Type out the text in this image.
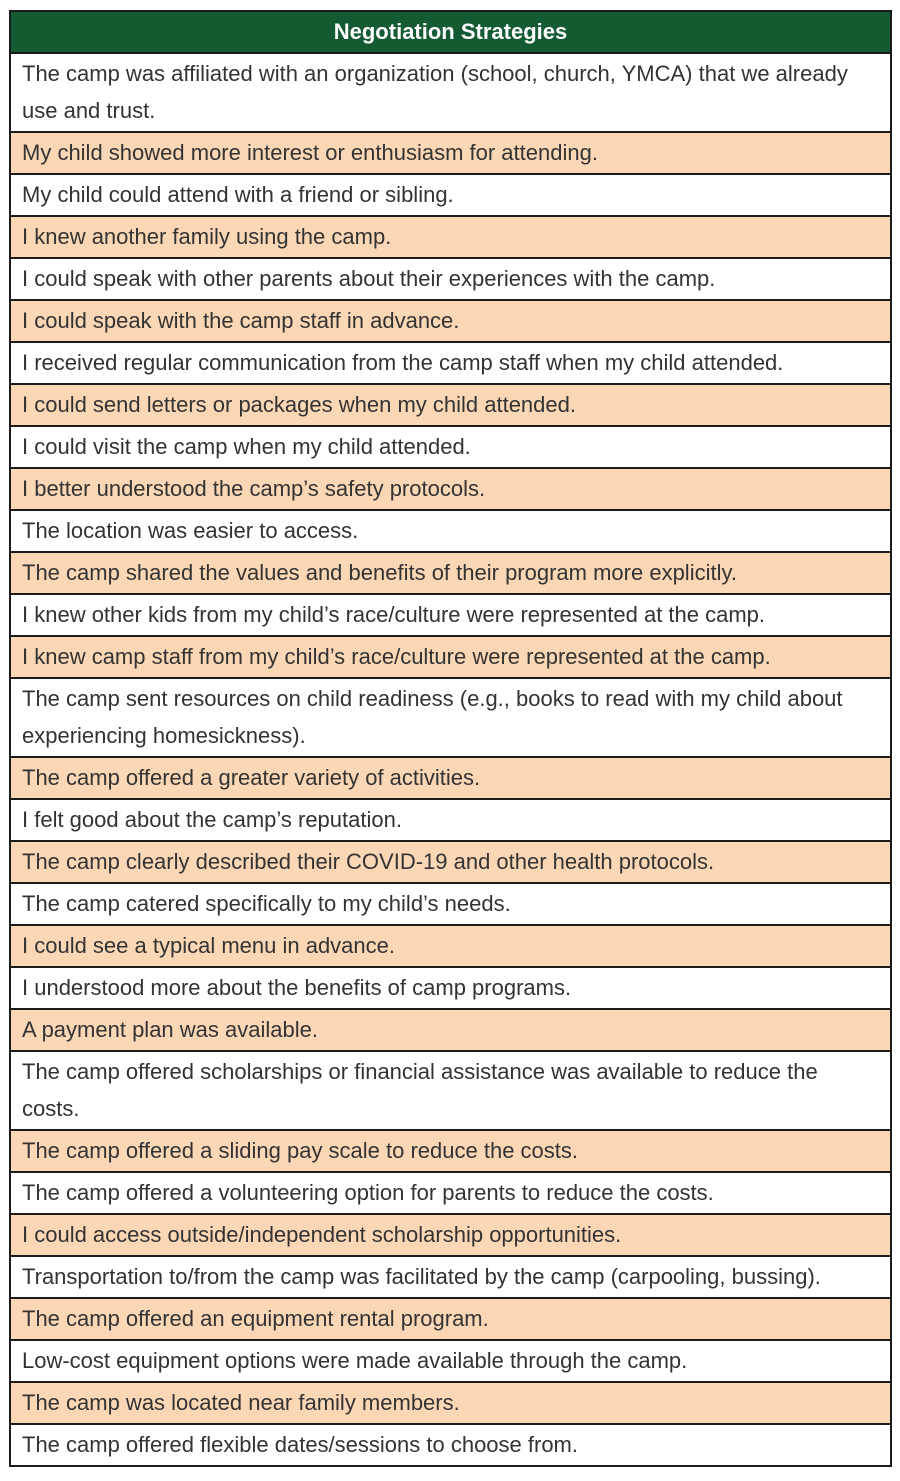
Negotiation Strategies
The camp was affiliated with an organization (school, church, YMCA) that we already use and trust.
My child showed more interest or enthusiasm for attending.
My child could attend with a friend or sibling.
I knew another family using the camp.
I could speak with other parents about their experiences with the camp.
I could speak with the camp staff in advance.
I received regular communication from the camp staff when my child attended.
I could send letters or packages when my child attended.
I could visit the camp when my child attended.
I better understood the camp’s safety protocols.
The location was easier to access.
The camp shared the values and benefits of their program more explicitly.
I knew other kids from my child’s race/culture were represented at the camp.
I knew camp staff from my child’s race/culture were represented at the camp.
The camp sent resources on child readiness (e.g., books to read with my child about experiencing homesickness).
The camp offered a greater variety of activities.
I felt good about the camp’s reputation.
The camp clearly described their COVID-19 and other health protocols.
The camp catered specifically to my child’s needs.
I could see a typical menu in advance.
I understood more about the benefits of camp programs.
A payment plan was available.
The camp offered scholarships or financial assistance was available to reduce the costs.
The camp offered a sliding pay scale to reduce the costs.
The camp offered a volunteering option for parents to reduce the costs.
I could access outside/independent scholarship opportunities.
Transportation to/from the camp was facilitated by the camp (carpooling, bussing).
The camp offered an equipment rental program.
Low-cost equipment options were made available through the camp.
The camp was located near family members.
The camp offered flexible dates/sessions to choose from.
